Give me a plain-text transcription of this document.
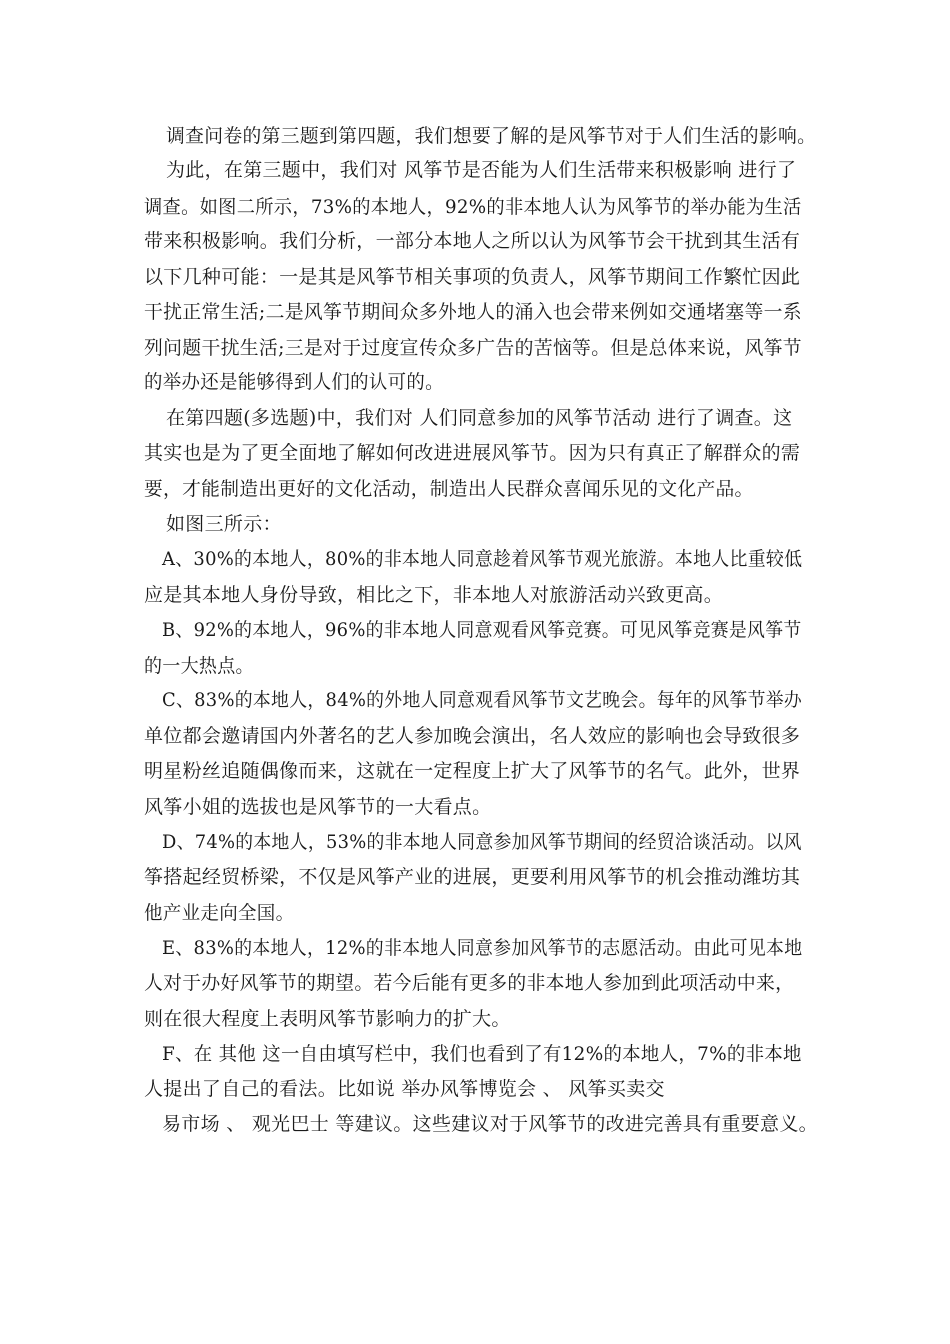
调查问卷的第三题到第四题，我们想要了解的是风筝节对于人们生活的影响。
为此，在第三题中，我们对 风筝节是否能为人们生活带来积极影响 进行了
调查。如图二所示，73%的本地人，92%的非本地人认为风筝节的举办能为生活
带来积极影响。我们分析，一部分本地人之所以认为风筝节会干扰到其生活有
以下几种可能：一是其是风筝节相关事项的负责人，风筝节期间工作繁忙因此
干扰正常生活;二是风筝节期间众多外地人的涌入也会带来例如交通堵塞等一系
列问题干扰生活;三是对于过度宣传众多广告的苦恼等。但是总体来说，风筝节
的举办还是能够得到人们的认可的。
在第四题(多选题)中，我们对 人们同意参加的风筝节活动 进行了调查。这
其实也是为了更全面地了解如何改进进展风筝节。因为只有真正了解群众的需
要，才能制造出更好的文化活动，制造出人民群众喜闻乐见的文化产品。
如图三所示：
A、30%的本地人，80%的非本地人同意趁着风筝节观光旅游。本地人比重较低
应是其本地人身份导致，相比之下，非本地人对旅游活动兴致更高。
B、92%的本地人，96%的非本地人同意观看风筝竞赛。可见风筝竞赛是风筝节
的一大热点。
C、83%的本地人，84%的外地人同意观看风筝节文艺晚会。每年的风筝节举办
单位都会邀请国内外著名的艺人参加晚会演出，名人效应的影响也会导致很多
明星粉丝追随偶像而来，这就在一定程度上扩大了风筝节的名气。此外，世界
风筝小姐的选拔也是风筝节的一大看点。
D、74%的本地人，53%的非本地人同意参加风筝节期间的经贸洽谈活动。以风
筝搭起经贸桥梁，不仅是风筝产业的进展，更要利用风筝节的机会推动潍坊其
他产业走向全国。
E、83%的本地人，12%的非本地人同意参加风筝节的志愿活动。由此可见本地
人对于办好风筝节的期望。若今后能有更多的非本地人参加到此项活动中来，
则在很大程度上表明风筝节影响力的扩大。
F、在 其他 这一自由填写栏中，我们也看到了有12%的本地人，7%的非本地
人提出了自己的看法。比如说 举办风筝博览会 、 风筝买卖交
易市场 、 观光巴士 等建议。这些建议对于风筝节的改进完善具有重要意义。
